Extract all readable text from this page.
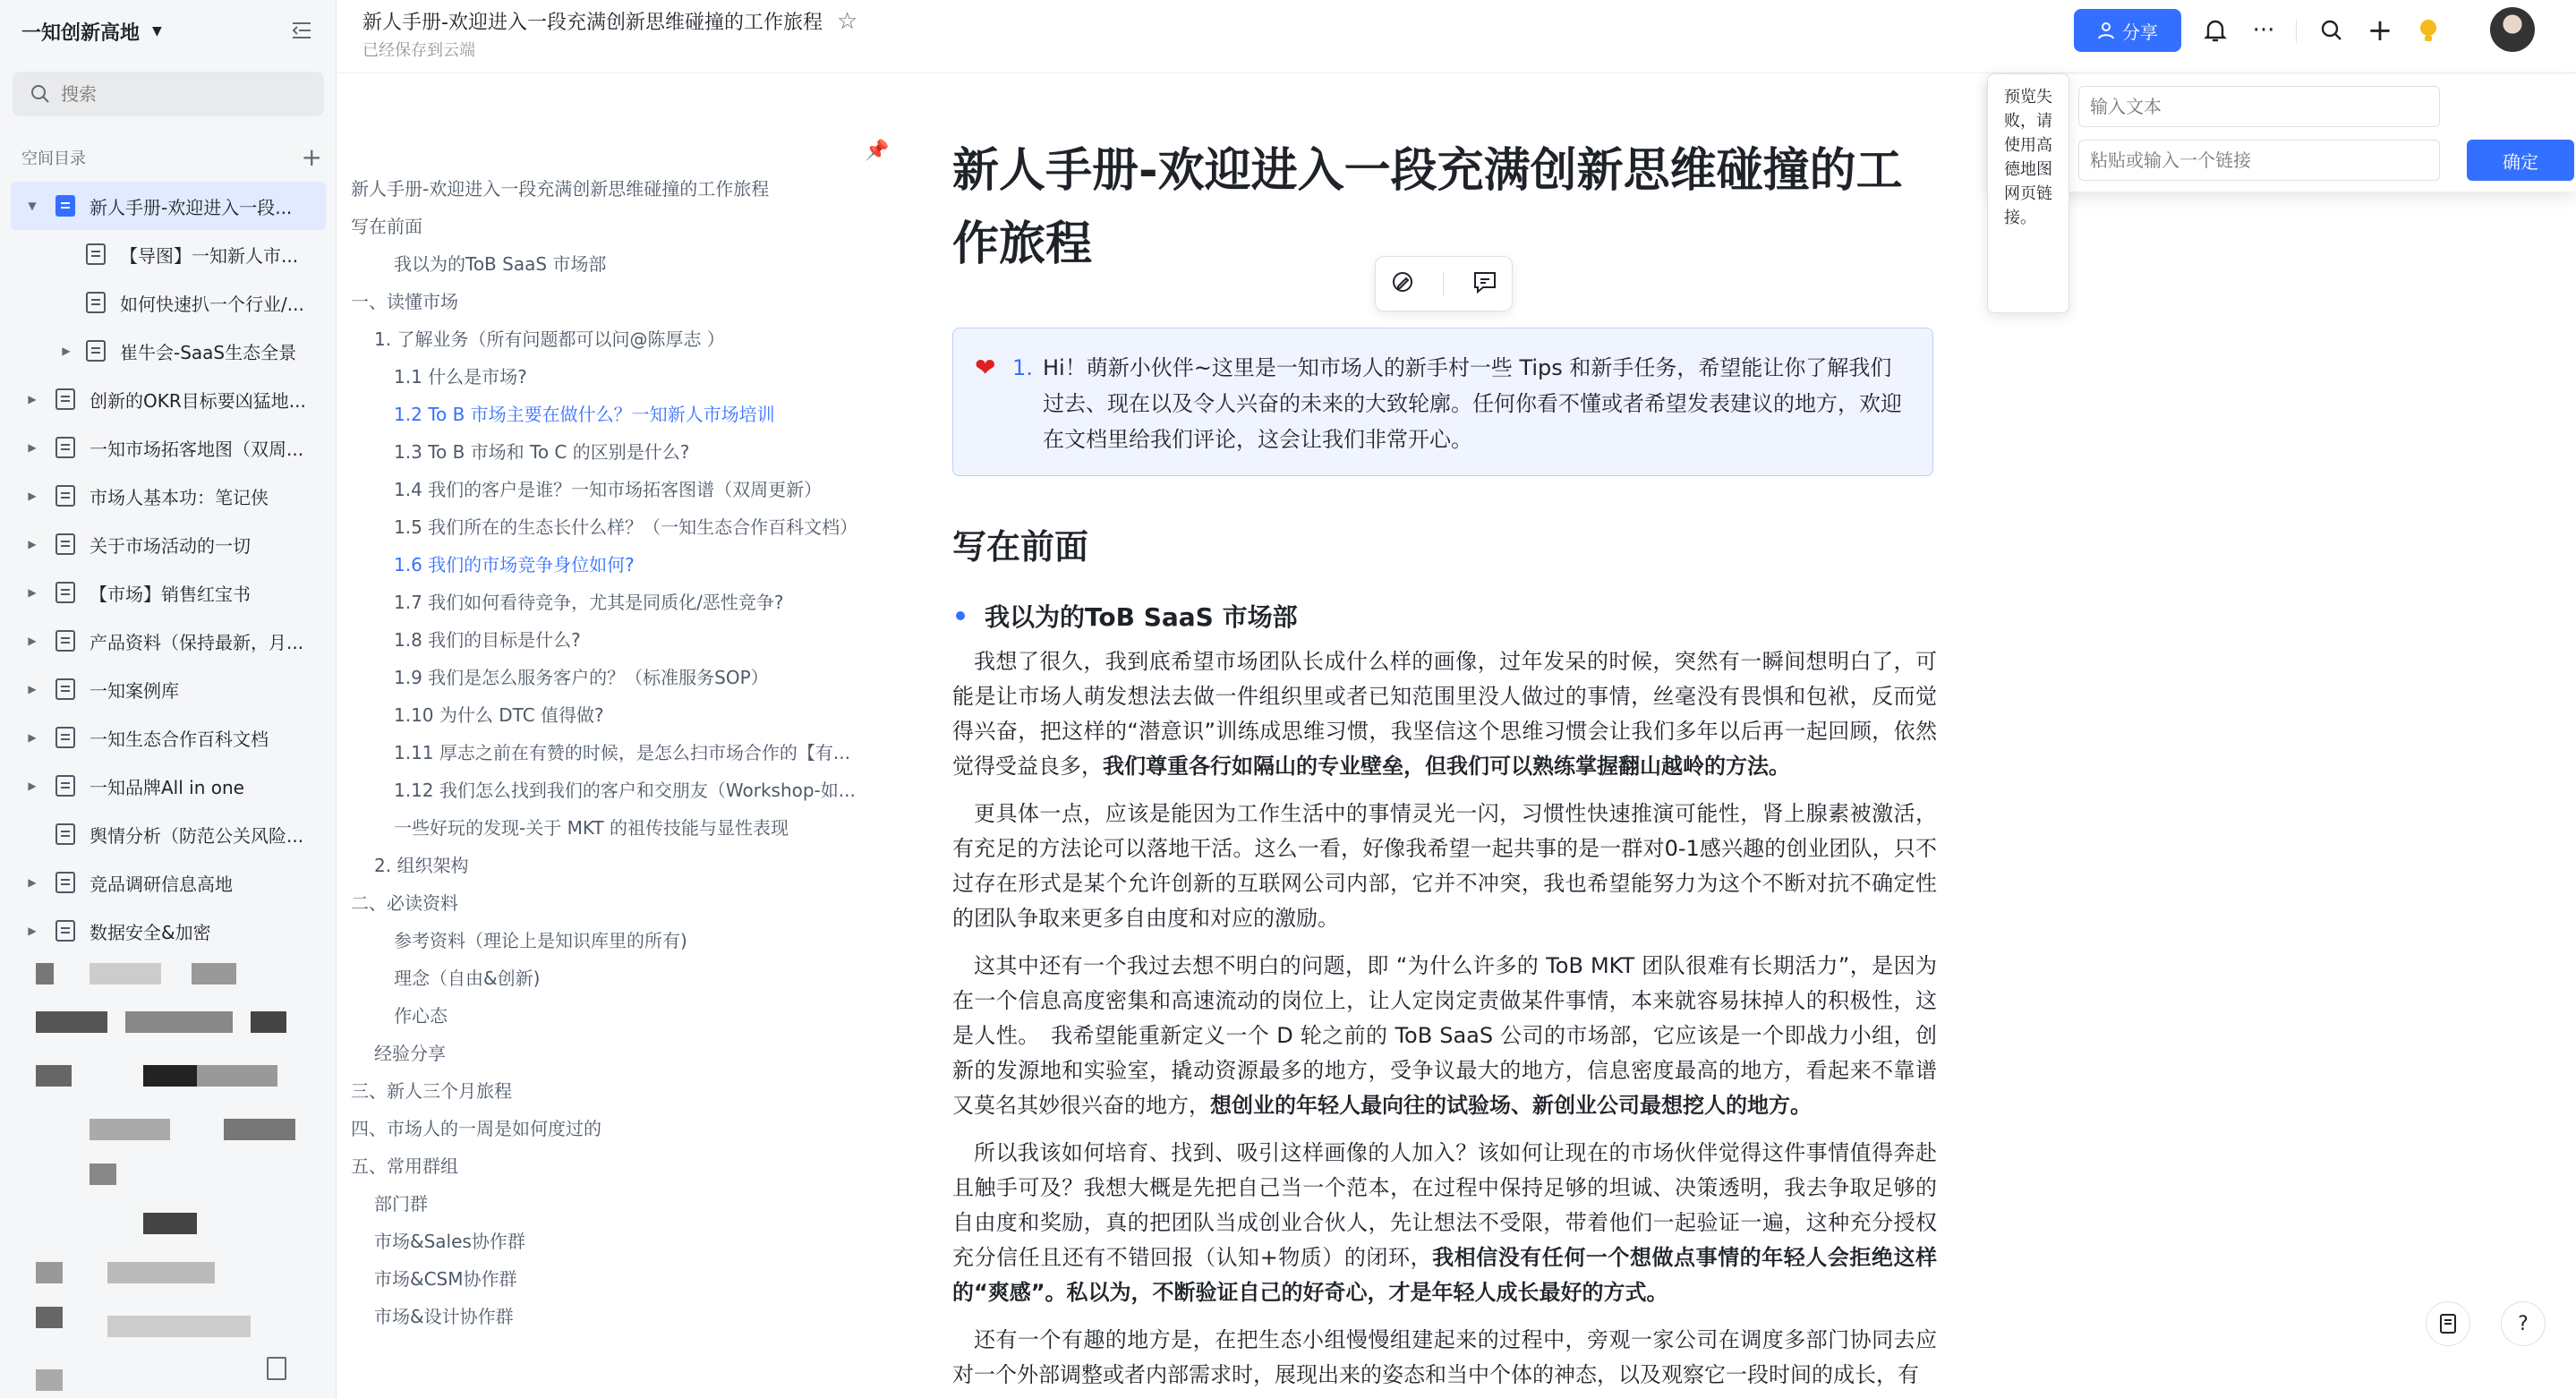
一知创新高地 ▼
搜索
空间目录	+
▼	新人手册-欢迎进入一段...
【导图】一知新人市...
如何快速扒一个行业/...
▶	崔牛会-SaaS生态全景
▶	创新的OKR目标要凶猛地...
▶	一知市场拓客地图（双周...
▶	市场人基本功：笔记侠
▶	关于市场活动的一切
▶	【市场】销售红宝书
▶	产品资料（保持最新，月...
▶	一知案例库
▶	一知生态合作百科文档
▶	一知品牌All in one
舆情分析（防范公关风险...
▶	竞品调研信息高地
▶	数据安全&加密
新人手册-欢迎进入一段充满创新思维碰撞的工作旅程 ☆
已经保存到云端
分享	···	+
📌
新人手册-欢迎进入一段充满创新思维碰撞的工作旅程
写在前面
我以为的ToB SaaS 市场部
一、读懂市场
1. 了解业务（所有问题都可以问@陈厚志 ）
1.1 什么是市场?
1.2 To B 市场主要在做什么？一知新人市场培训
1.3 To B 市场和 To C 的区别是什么?
1.4 我们的客户是谁？一知市场拓客图谱（双周更新）
1.5 我们所在的生态长什么样？（一知生态合作百科文档）
1.6 我们的市场竞争身位如何?
1.7 我们如何看待竞争，尤其是同质化/恶性竞争?
1.8 我们的目标是什么?
1.9 我们是怎么服务客户的？（标准服务SOP）
1.10 为什么 DTC 值得做?
1.11 厚志之前在有赞的时候，是怎么扫市场合作的【有...
1.12 我们怎么找到我们的客户和交朋友（Workshop-如...
一些好玩的发现-关于 MKT 的祖传技能与显性表现
2. 组织架构
二、必读资料
参考资料（理论上是知识库里的所有)
理念（自由&创新)
作心态
经验分享
三、新人三个月旅程
四、市场人的一周是如何度过的
五、常用群组
部门群
市场&Sales协作群
市场&CSM协作群
市场&设计协作群
新人手册-欢迎进入一段充满创新思维碰撞的工作旅程
❤ 1. Hi！萌新小伙伴~这里是一知市场人的新手村一些 Tips 和新手任务，希望能让你了解我们过去、现在以及令人兴奋的未来的大致轮廓。任何你看不懂或者希望发表建议的地方，欢迎在文档里给我们评论，这会让我们非常开心。
写在前面
我以为的ToB SaaS 市场部

我想了很久，我到底希望市场团队长成什么样的画像，过年发呆的时候，突然有一瞬间想明白了，可能是让市场人萌发想法去做一件组织里或者已知范围里没人做过的事情，丝毫没有畏惧和包袱，反而觉得兴奋，把这样的“潜意识”训练成思维习惯，我坚信这个思维习惯会让我们多年以后再一起回顾，依然觉得受益良多，我们尊重各行如隔山的专业壁垒，但我们可以熟练掌握翻山越岭的方法。

更具体一点，应该是能因为工作生活中的事情灵光一闪，习惯性快速推演可能性，肾上腺素被激活，有充足的方法论可以落地干活。这么一看，好像我希望一起共事的是一群对0-1感兴趣的创业团队，只不过存在形式是某个允许创新的互联网公司内部，它并不冲突，我也希望能努力为这个不断对抗不确定性的团队争取来更多自由度和对应的激励。

这其中还有一个我过去想不明白的问题，即 “为什么许多的 ToB MKT 团队很难有长期活力”，是因为在一个信息高度密集和高速流动的岗位上，让人定岗定责做某件事情，本来就容易抹掉人的积极性，这是人性。　我希望能重新定义一个 D 轮之前的 ToB SaaS 公司的市场部，它应该是一个即战力小组，创新的发源地和实验室，撬动资源最多的地方，受争议最大的地方，信息密度最高的地方，看起来不靠谱又莫名其妙很兴奋的地方，想创业的年轻人最向往的试验场、新创业公司最想挖人的地方。

所以我该如何培育、找到、吸引这样画像的人加入？该如何让现在的市场伙伴觉得这件事情值得奔赴且触手可及？我想大概是先把自己当一个范本，在过程中保持足够的坦诚、决策透明，我去争取足够的自由度和奖励，真的把团队当成创业合伙人，先让想法不受限，带着他们一起验证一遍，这种充分授权充分信任且还有不错回报（认知+物质）的闭环，我相信没有任何一个想做点事情的年轻人会拒绝这样的“爽感”。私以为，不断验证自己的好奇心，才是年轻人成长最好的方式。

还有一个有趣的地方是，在把生态小组慢慢组建起来的过程中，旁观一家公司在调度多部门协同去应对一个外部调整或者内部需求时，展现出来的姿态和当中个体的神态，以及观察它一段时间的成长，有

输入文本
粘贴或输入一个链接
确定
预览失败，请使用高德地图网页链接。
?
